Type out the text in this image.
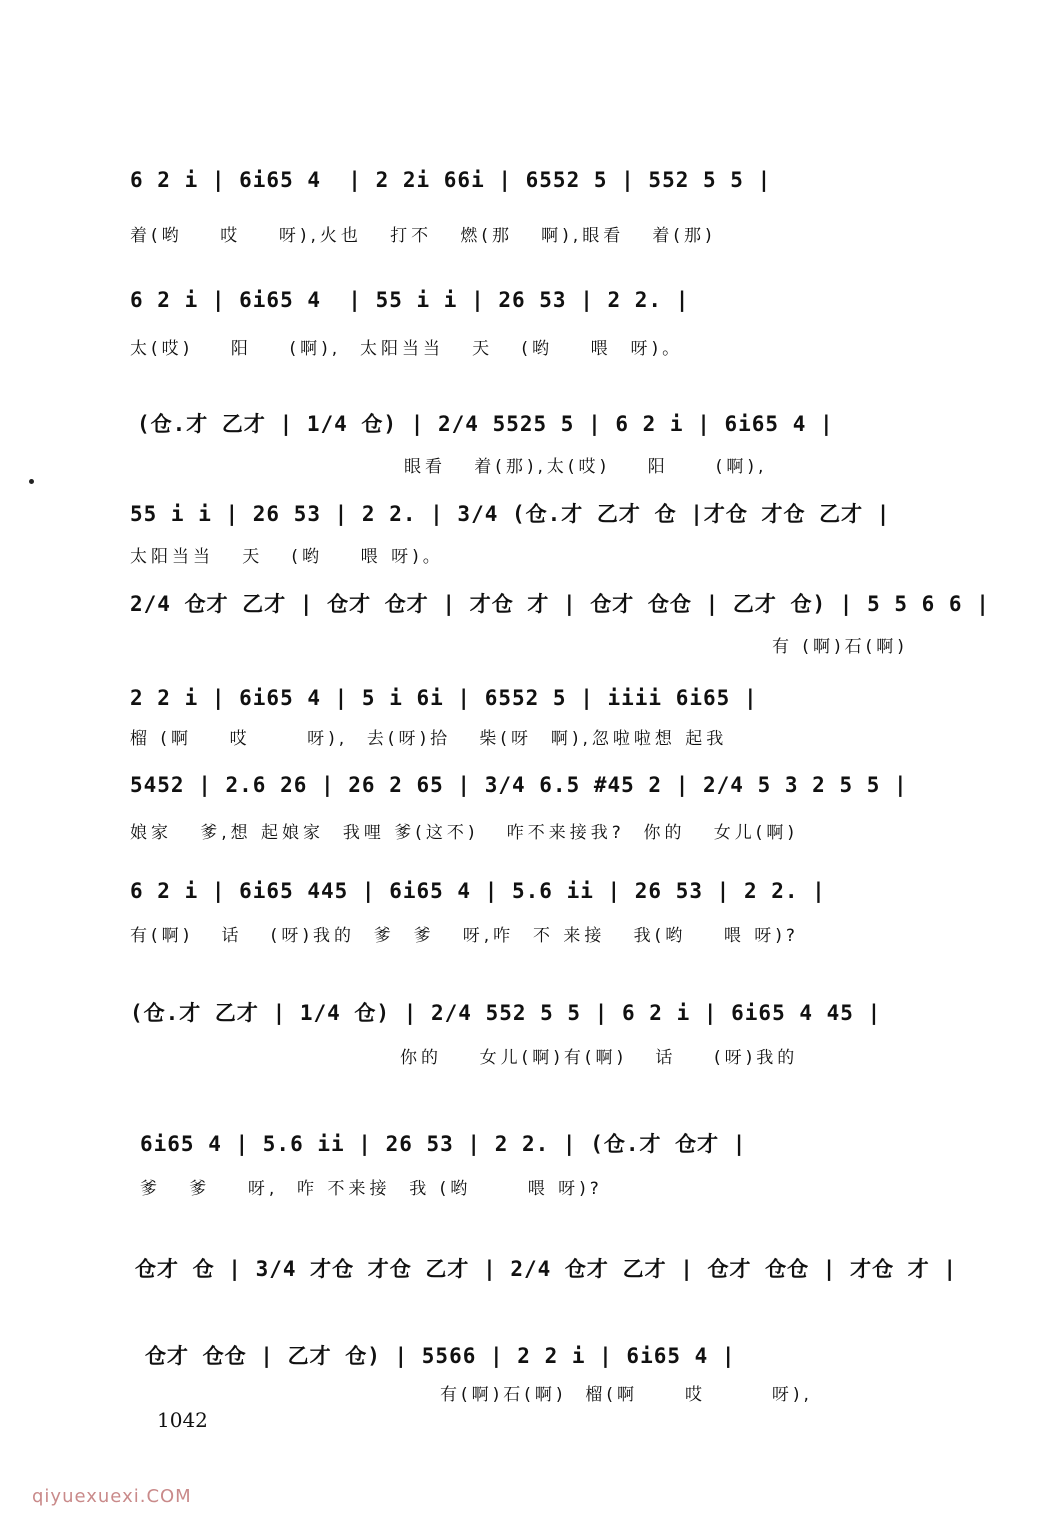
6 2 i | 6i65 4  | 2 2i 66i | 6552 5 | 552 5 5 |
着(哟    哎    呀),火也   打不   燃(那   啊),眼看   着(那)
6 2 i | 6i65 4  | 55 i i | 26 53 | 2 2. |
太(哎)    阳    (啊),  太阳当当   天   (哟    喂  呀)。
(仓.才 乙才 | 1/4 仓) | 2/4 5525 5 | 6 2 i | 6i65 4 |
眼看   着(那),太(哎)    阳     (啊),
55 i i | 26 53 | 2 2. | 3/4 (仓.才 乙才 仓 |才仓 才仓 乙才 |
太阳当当   天   (哟    喂 呀)。
2/4 仓才 乙才 | 仓才 仓才 | 才仓 才 | 仓才 仓仓 | 乙才 仓) | 5 5 6 6 |
有 (啊)石(啊)
2 2 i | 6i65 4 | 5 i 6i | 6552 5 | iiii 6i65 |
榴 (啊    哎      呀),  去(呀)拾   柴(呀  啊),忽啦啦想 起我
5452 | 2.6 26 | 26 2 65 | 3/4 6.5 #45 2 | 2/4 5 3 2 5 5 |
娘家   爹,想 起娘家  我哩 爹(这不)   咋不来接我?  你的   女儿(啊)
6 2 i | 6i65 445 | 6i65 4 | 5.6 ii | 26 53 | 2 2. |
有(啊)   话   (呀)我的  爹  爹   呀,咋  不 来接   我(哟    喂 呀)?
(仓.才 乙才 | 1/4 仓) | 2/4 552 5 5 | 6 2 i | 6i65 4 45 |
你的    女儿(啊)有(啊)   话    (呀)我的
6i65 4 | 5.6 ii | 26 53 | 2 2. | (仓.才 仓才 |
爹   爹    呀,  咋 不来接  我 (哟      喂 呀)?
仓才 仓 | 3/4 才仓 才仓 乙才 | 2/4 仓才 乙才 | 仓才 仓仓 | 才仓 才 |
仓才 仓仓 | 乙才 仓) | 5566 | 2 2 i | 6i65 4 |
有(啊)石(啊)  榴(啊     哎       呀),
1042
qiyuexuexi.COM
